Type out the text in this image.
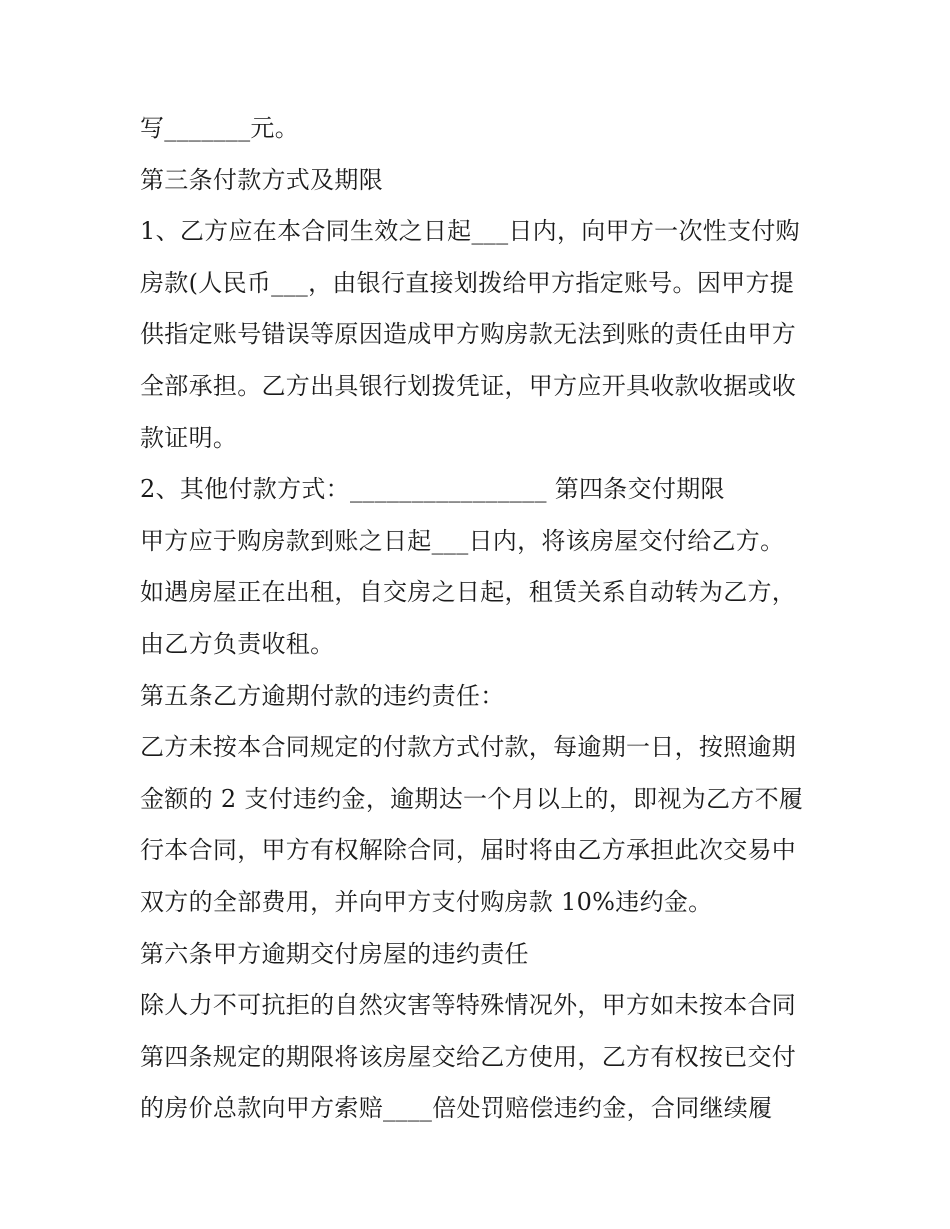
写_______元。
第三条付款方式及期限
1、乙方应在本合同生效之日起___日内，向甲方一次性支付购
房款(人民币___，由银行直接划拨给甲方指定账号。因甲方提
供指定账号错误等原因造成甲方购房款无法到账的责任由甲方
全部承担。乙方出具银行划拨凭证，甲方应开具收款收据或收
款证明。
2、其他付款方式：________________ 第四条交付期限
甲方应于购房款到账之日起___日内，将该房屋交付给乙方。
如遇房屋正在出租，自交房之日起，租赁关系自动转为乙方，
由乙方负责收租。
第五条乙方逾期付款的违约责任：
乙方未按本合同规定的付款方式付款，每逾期一日，按照逾期
金额的 2 支付违约金，逾期达一个月以上的，即视为乙方不履
行本合同，甲方有权解除合同，届时将由乙方承担此次交易中
双方的全部费用，并向甲方支付购房款 10%违约金。
第六条甲方逾期交付房屋的违约责任
除人力不可抗拒的自然灾害等特殊情况外，甲方如未按本合同
第四条规定的期限将该房屋交给乙方使用，乙方有权按已交付
的房价总款向甲方索赔____倍处罚赔偿违约金，合同继续履
